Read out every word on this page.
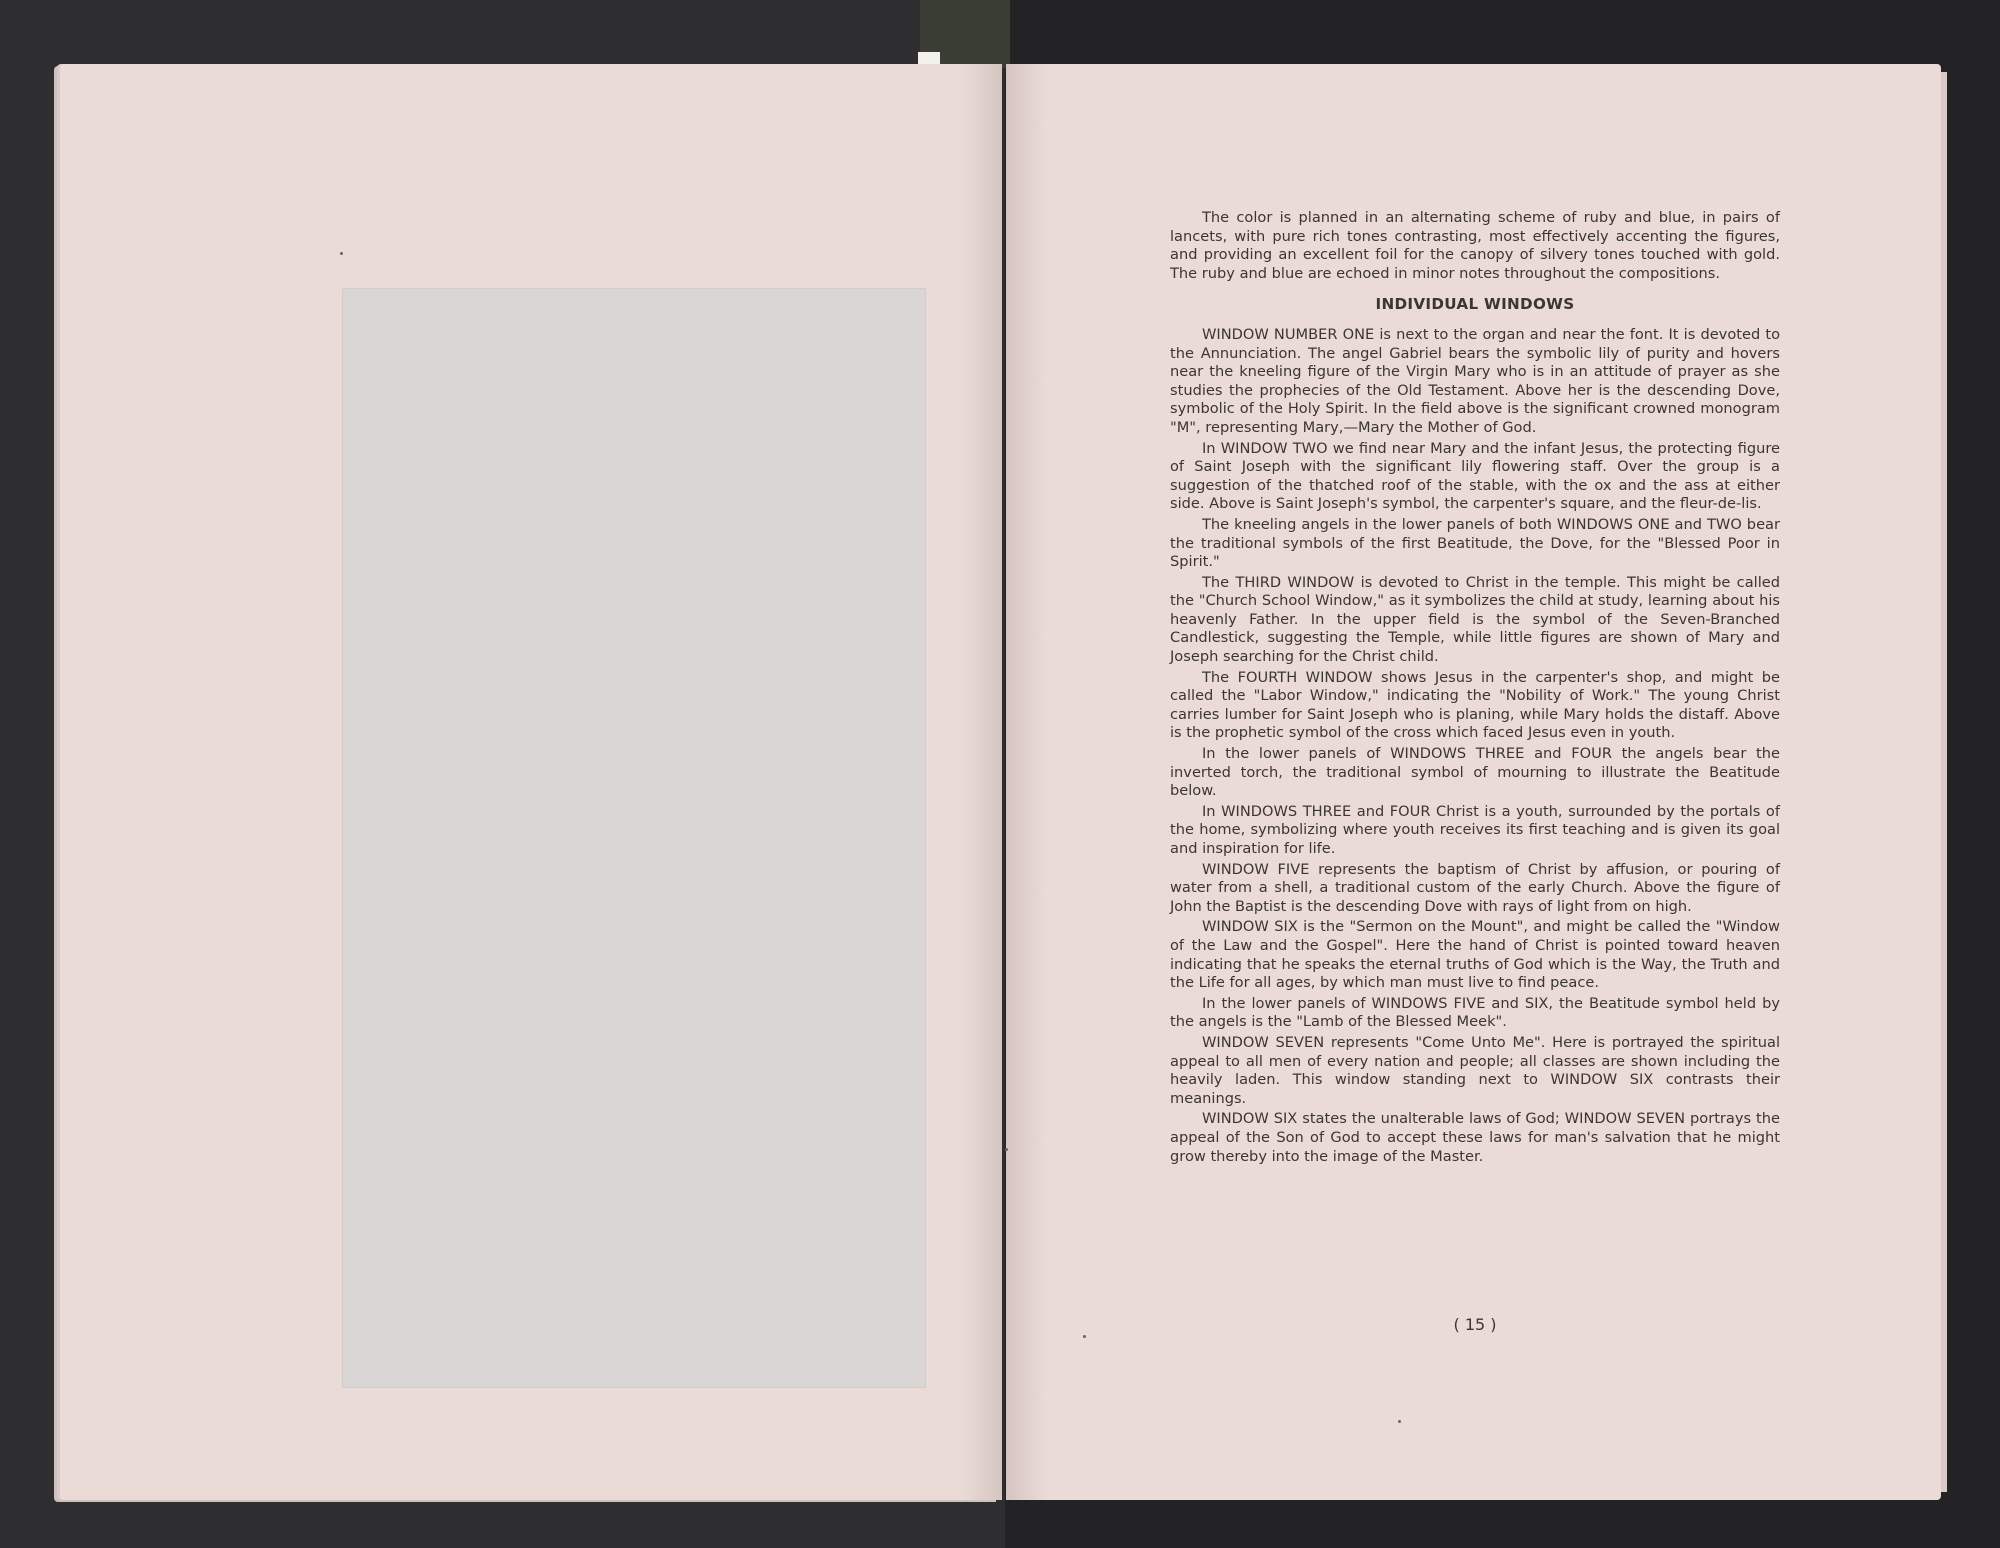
The color is planned in an alternating scheme of ruby and blue, in pairs of lancets, with pure rich tones contrasting, most effectively accenting the figures, and providing an excellent foil for the canopy of silvery tones touched with gold. The ruby and blue are echoed in minor notes throughout the compositions.

INDIVIDUAL WINDOWS

WINDOW NUMBER ONE is next to the organ and near the font. It is devoted to the Annunciation. The angel Gabriel bears the symbolic lily of purity and hovers near the kneeling figure of the Virgin Mary who is in an attitude of prayer as she studies the prophecies of the Old Testament. Above her is the descending Dove, symbolic of the Holy Spirit. In the field above is the significant crowned monogram "M", representing Mary,—Mary the Mother of God.

In WINDOW TWO we find near Mary and the infant Jesus, the protecting figure of Saint Joseph with the significant lily flowering staff. Over the group is a suggestion of the thatched roof of the stable, with the ox and the ass at either side. Above is Saint Joseph's symbol, the carpenter's square, and the fleur-de-lis.

The kneeling angels in the lower panels of both WINDOWS ONE and TWO bear the traditional symbols of the first Beatitude, the Dove, for the "Blessed Poor in Spirit."

The THIRD WINDOW is devoted to Christ in the temple. This might be called the "Church School Window," as it symbolizes the child at study, learning about his heavenly Father. In the upper field is the symbol of the Seven-Branched Candlestick, suggesting the Temple, while little figures are shown of Mary and Joseph searching for the Christ child.

The FOURTH WINDOW shows Jesus in the carpenter's shop, and might be called the "Labor Window," indicating the "Nobility of Work." The young Christ carries lumber for Saint Joseph who is planing, while Mary holds the distaff. Above is the prophetic symbol of the cross which faced Jesus even in youth.

In the lower panels of WINDOWS THREE and FOUR the angels bear the inverted torch, the traditional symbol of mourning to illustrate the Beatitude below.

In WINDOWS THREE and FOUR Christ is a youth, surrounded by the portals of the home, symbolizing where youth receives its first teaching and is given its goal and inspiration for life.

WINDOW FIVE represents the baptism of Christ by affusion, or pouring of water from a shell, a traditional custom of the early Church. Above the figure of John the Baptist is the descending Dove with rays of light from on high.

WINDOW SIX is the "Sermon on the Mount", and might be called the "Window of the Law and the Gospel". Here the hand of Christ is pointed toward heaven indicating that he speaks the eternal truths of God which is the Way, the Truth and the Life for all ages, by which man must live to find peace.

In the lower panels of WINDOWS FIVE and SIX, the Beatitude symbol held by the angels is the "Lamb of the Blessed Meek".

WINDOW SEVEN represents "Come Unto Me". Here is portrayed the spiritual appeal to all men of every nation and people; all classes are shown including the heavily laden. This window standing next to WINDOW SIX contrasts their meanings.

WINDOW SIX states the unalterable laws of God; WINDOW SEVEN portrays the appeal of the Son of God to accept these laws for man's salvation that he might grow thereby into the image of the Master.

( 15 )
